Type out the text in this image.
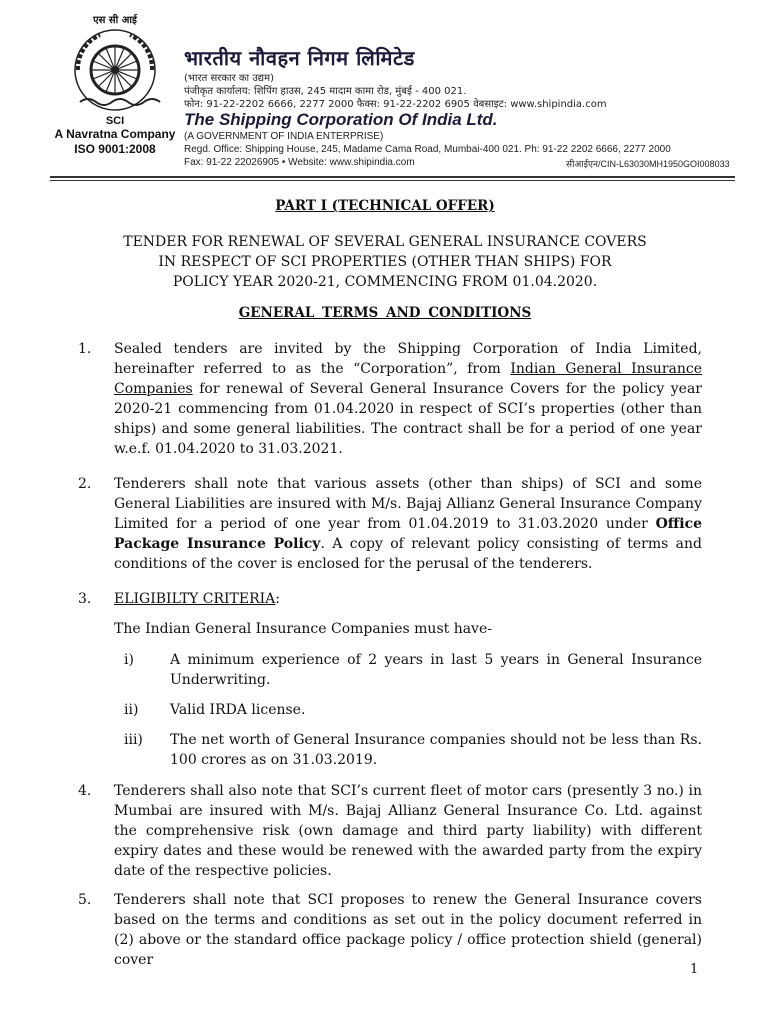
एस सी आई
SCI
A Navratna Company
ISO 9001:2008
भारतीय नौवहन निगम लिमिटेड
(भारत सरकार का उद्यम)
पंजीकृत कार्यालय: शिपिंग हाउस, 245 मादाम कामा रोड, मुंबई - 400 021.
फोन: 91-22-2202 6666, 2277 2000 फैक्स: 91-22-2202 6905 वेबसाइट: www.shipindia.com
The Shipping Corporation Of India Ltd.
(A GOVERNMENT OF INDIA ENTERPRISE)
Regd. Office: Shipping House, 245, Madame Cama Road, Mumbai-400 021. Ph: 91-22 2202 6666, 2277 2000
Fax: 91-22 22026905 • Website: www.shipindia.com	सीआईएन/CIN-L63030MH1950GOI008033
PART I (TECHNICAL OFFER)
TENDER FOR RENEWAL OF SEVERAL GENERAL INSURANCE COVERS
IN RESPECT OF SCI PROPERTIES (OTHER THAN SHIPS) FOR
POLICY YEAR 2020-21, COMMENCING FROM 01.04.2020.
GENERAL TERMS AND CONDITIONS
1.	Sealed tenders are invited by the Shipping Corporation of India Limited, hereinafter referred to as the “Corporation”, from Indian General Insurance Companies for renewal of Several General Insurance Covers for the policy year 2020-21 commencing from 01.04.2020 in respect of SCI’s properties (other than ships) and some general liabilities. The contract shall be for a period of one year w.e.f. 01.04.2020 to 31.03.2021.
2.	Tenderers shall note that various assets (other than ships) of SCI and some General Liabilities are insured with M/s. Bajaj Allianz General Insurance Company Limited for a period of one year from 01.04.2019 to 31.03.2020 under Office Package Insurance Policy. A copy of relevant policy consisting of terms and conditions of the cover is enclosed for the perusal of the tenderers.
3.	ELIGIBILTY CRITERIA:
The Indian General Insurance Companies must have-
i)	A minimum experience of 2 years in last 5 years in General Insurance Underwriting.
ii) Valid IRDA license.
iii) The net worth of General Insurance companies should not be less than Rs. 100 crores as on 31.03.2019.
4.	Tenderers shall also note that SCI’s current fleet of motor cars (presently 3 no.) in Mumbai are insured with M/s. Bajaj Allianz General Insurance Co. Ltd. against the comprehensive risk (own damage and third party liability) with different expiry dates and these would be renewed with the awarded party from the expiry date of the respective policies.
5.	Tenderers shall note that SCI proposes to renew the General Insurance covers based on the terms and conditions as set out in the policy document referred in (2) above or the standard office package policy / office protection shield (general) cover
1
